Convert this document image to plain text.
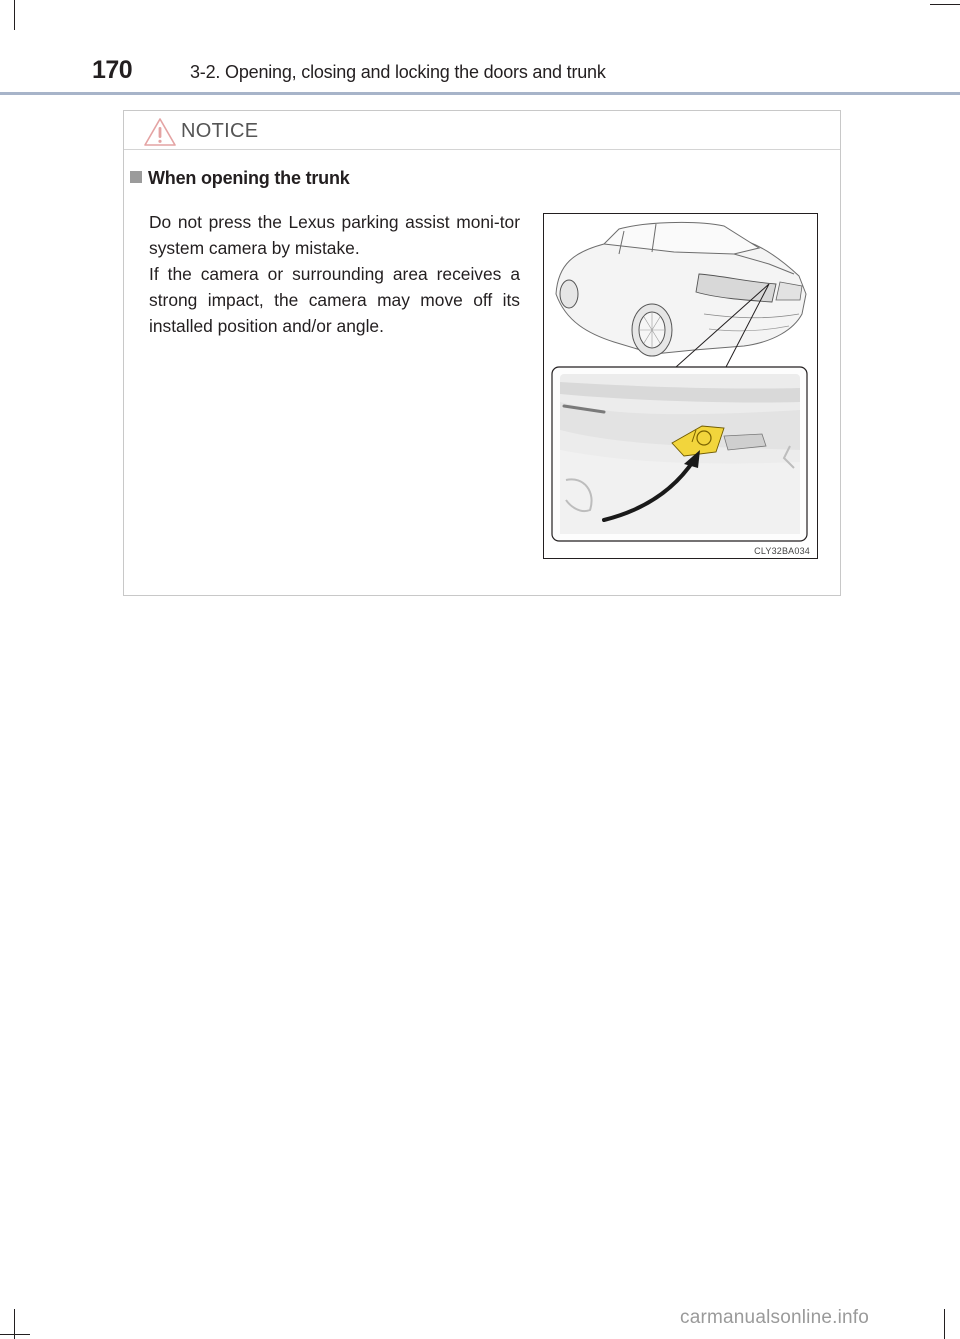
170	3-2. Opening, closing and locking the doors and trunk
NOTICE
When opening the trunk

Do not press the Lexus parking assist moni-tor system camera by mistake.

If the camera or surrounding area receives a strong impact, the camera may move off its installed position and/or angle.

CLY32BA034
carmanualsonline.info
